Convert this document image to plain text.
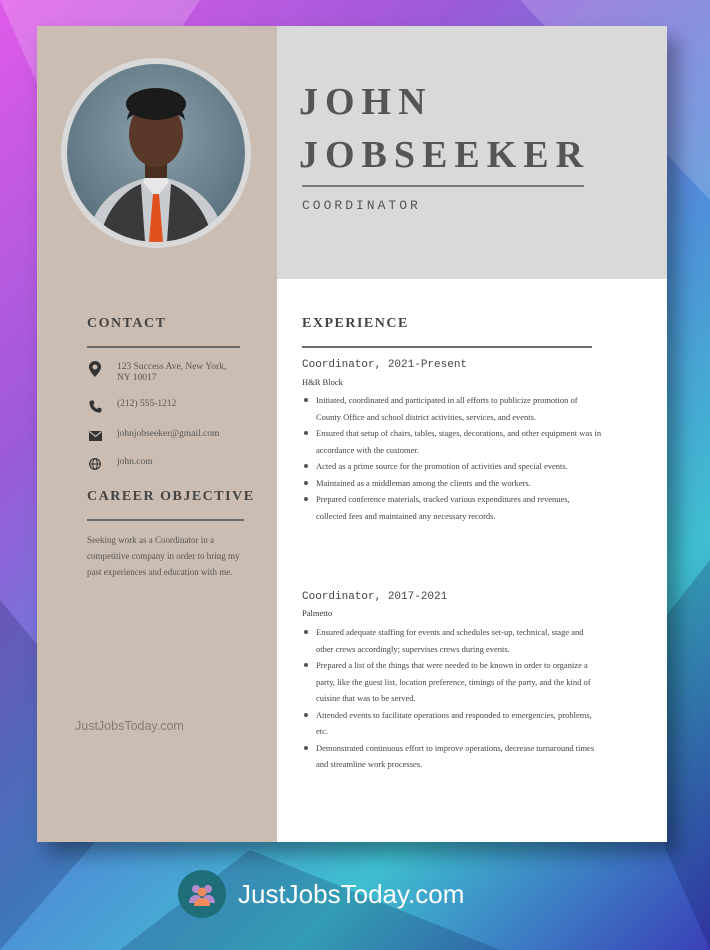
JOHN
JOBSEEKER
COORDINATOR
CONTACT
123 Success Ave, New York, NY 10017
(212) 555-1212
johnjobseeker@gmail.com
john.com
CAREER OBJECTIVE
Seeking work as a Coordinator in a competitive company in order to bring my past experiences and education with me.
JustJobsToday.com
EXPERIENCE
Coordinator, 2021-Present
H&R Block
Initiated, coordinated and participated in all efforts to publicize promotion of County Office and school district activities, services, and events.
Ensured that setup of chairs, tables, stages, decorations, and other equipment was in accordance with the customer.
Acted as a prime source for the promotion of activities and special events.
Maintained as a middleman among the clients and the workers.
Prepared conference materials, tracked various expenditures and revenues, collected fees and maintained any necessary records.
Coordinator, 2017-2021
Palmetto
Ensured adequate staffing for events and schedules set-up, technical, stage and other crews accordingly; supervises crews during events.
Prepared a list of the things that were needed to be known in order to organize a party, like the guest list, location preference, timings of the party, and the kind of cuisine that was to be served.
Attended events to facilitate operations and responded to emergencies, problems, etc.
Demonstrated continuous effort to improve operations, decrease turnaround times and streamline work processes.
JustJobsToday.com
